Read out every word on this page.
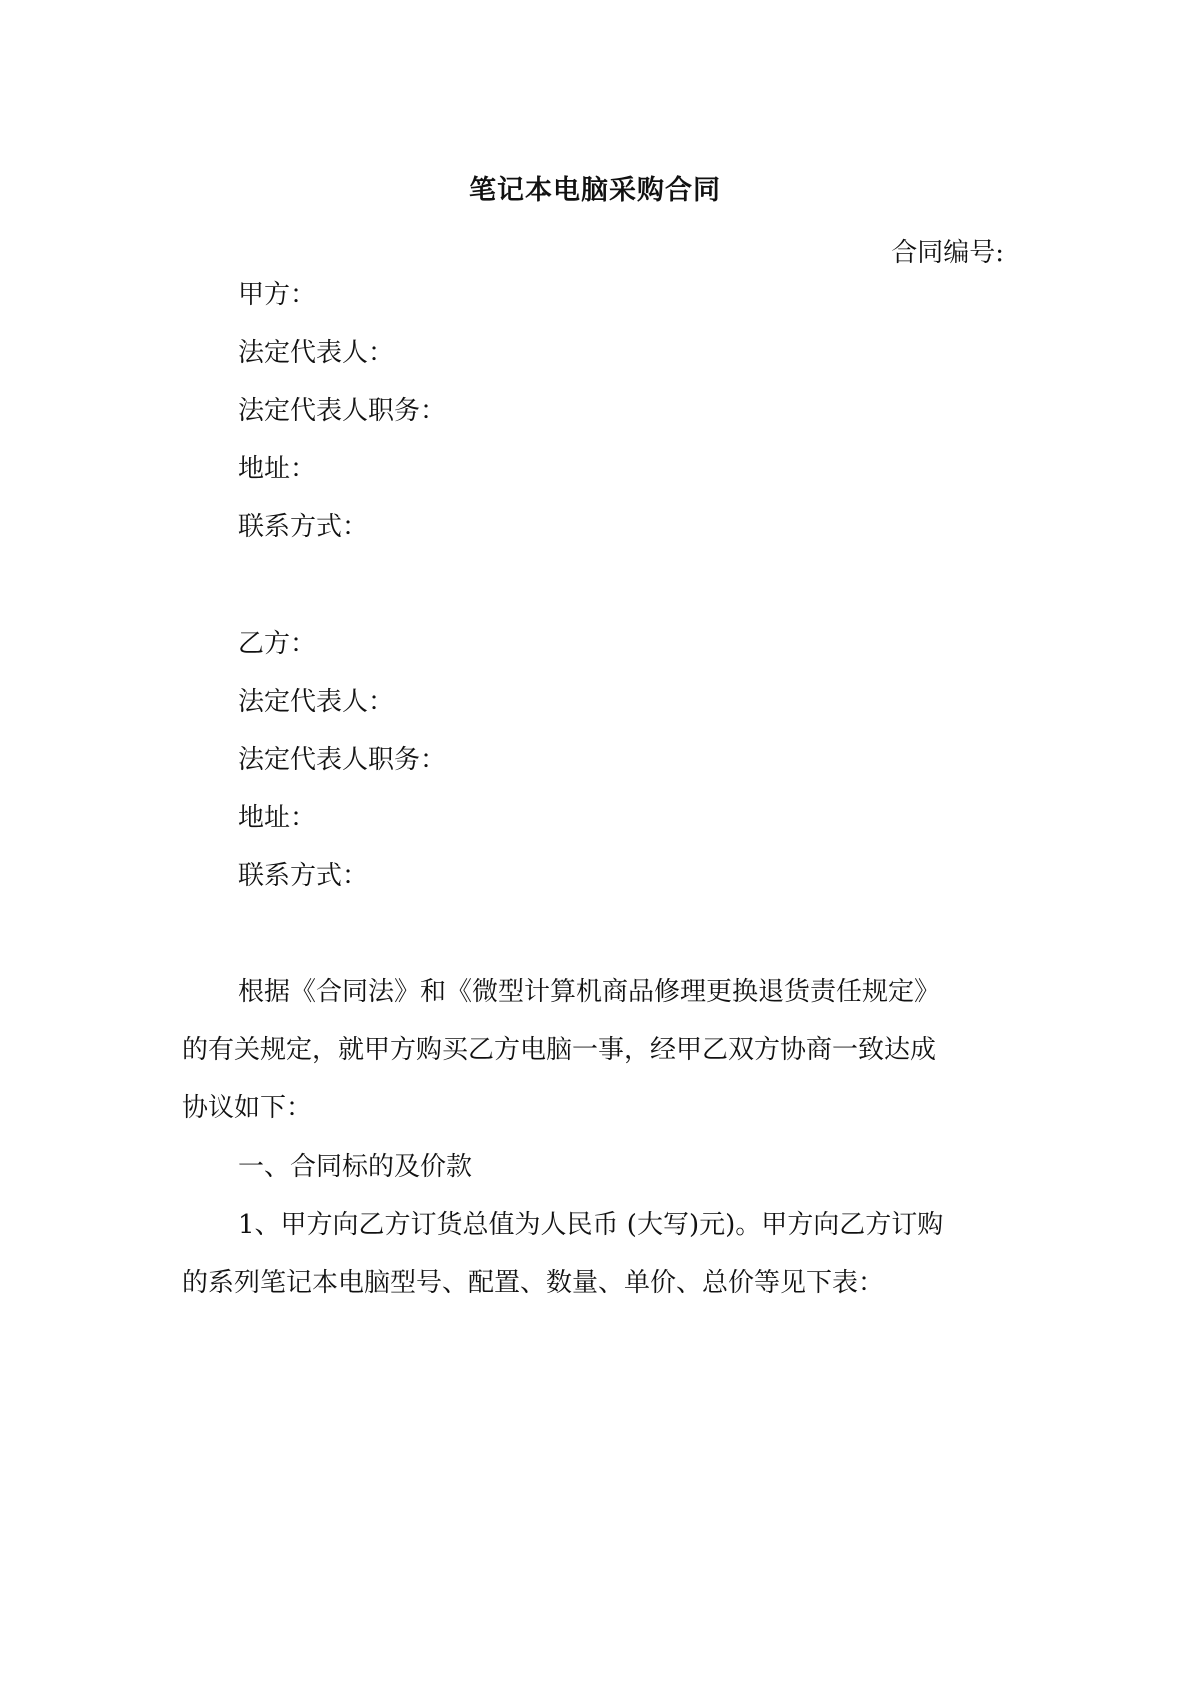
笔记本电脑采购合同
合同编号:
甲方：
法定代表人：
法定代表人职务：
地址：
联系方式：
乙方：
法定代表人：
法定代表人职务：
地址：
联系方式：
根据《合同法》和《微型计算机商品修理更换退货责任规定》
的有关规定，就甲方购买乙方电脑一事，经甲乙双方协商一致达成
协议如下：
一、合同标的及价款
1、甲方向乙方订货总值为人民币 (大写)元)。甲方向乙方订购
的系列笔记本电脑型号、配置、数量、单价、总价等见下表：
